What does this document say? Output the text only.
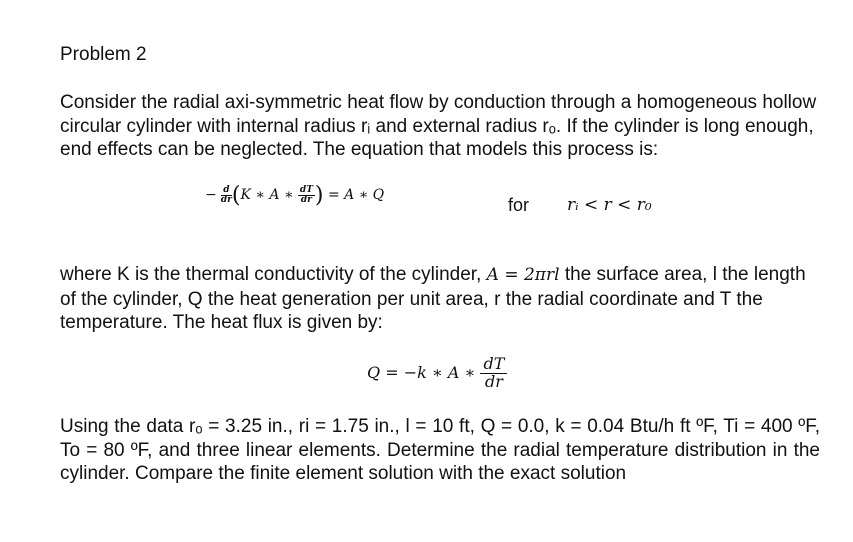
Problem 2
Consider the radial axi-symmetric heat flow by conduction through a homogeneous hollow circular cylinder with internal radius rᵢ and external radius rₒ. If the cylinder is long enough, end effects can be neglected. The equation that models this process is:
− $\frac{d}{dr} (K$ ∗ A ∗ $\frac{dT}{dr}$ ) = A ∗ Q	for rᵢ < r < r₀
where K is the thermal conductivity of the cylinder, A = 2πrl the surface area, l the length of the cylinder, Q the heat generation per unit area, r the radial coordinate and T the temperature. The heat flux is given by:
Q = −k ∗ A ∗ $\frac{dT}{dr}$
Using the data rₒ = 3.25 in., ri = 1.75 in., l = 10 ft, Q = 0.0, k = 0.04 Btu/h ft ºF, Ti = 400 ºF, To = 80 ºF, and three linear elements. Determine the radial temperature distribution in the cylinder. Compare the finite element solution with the exact solution
